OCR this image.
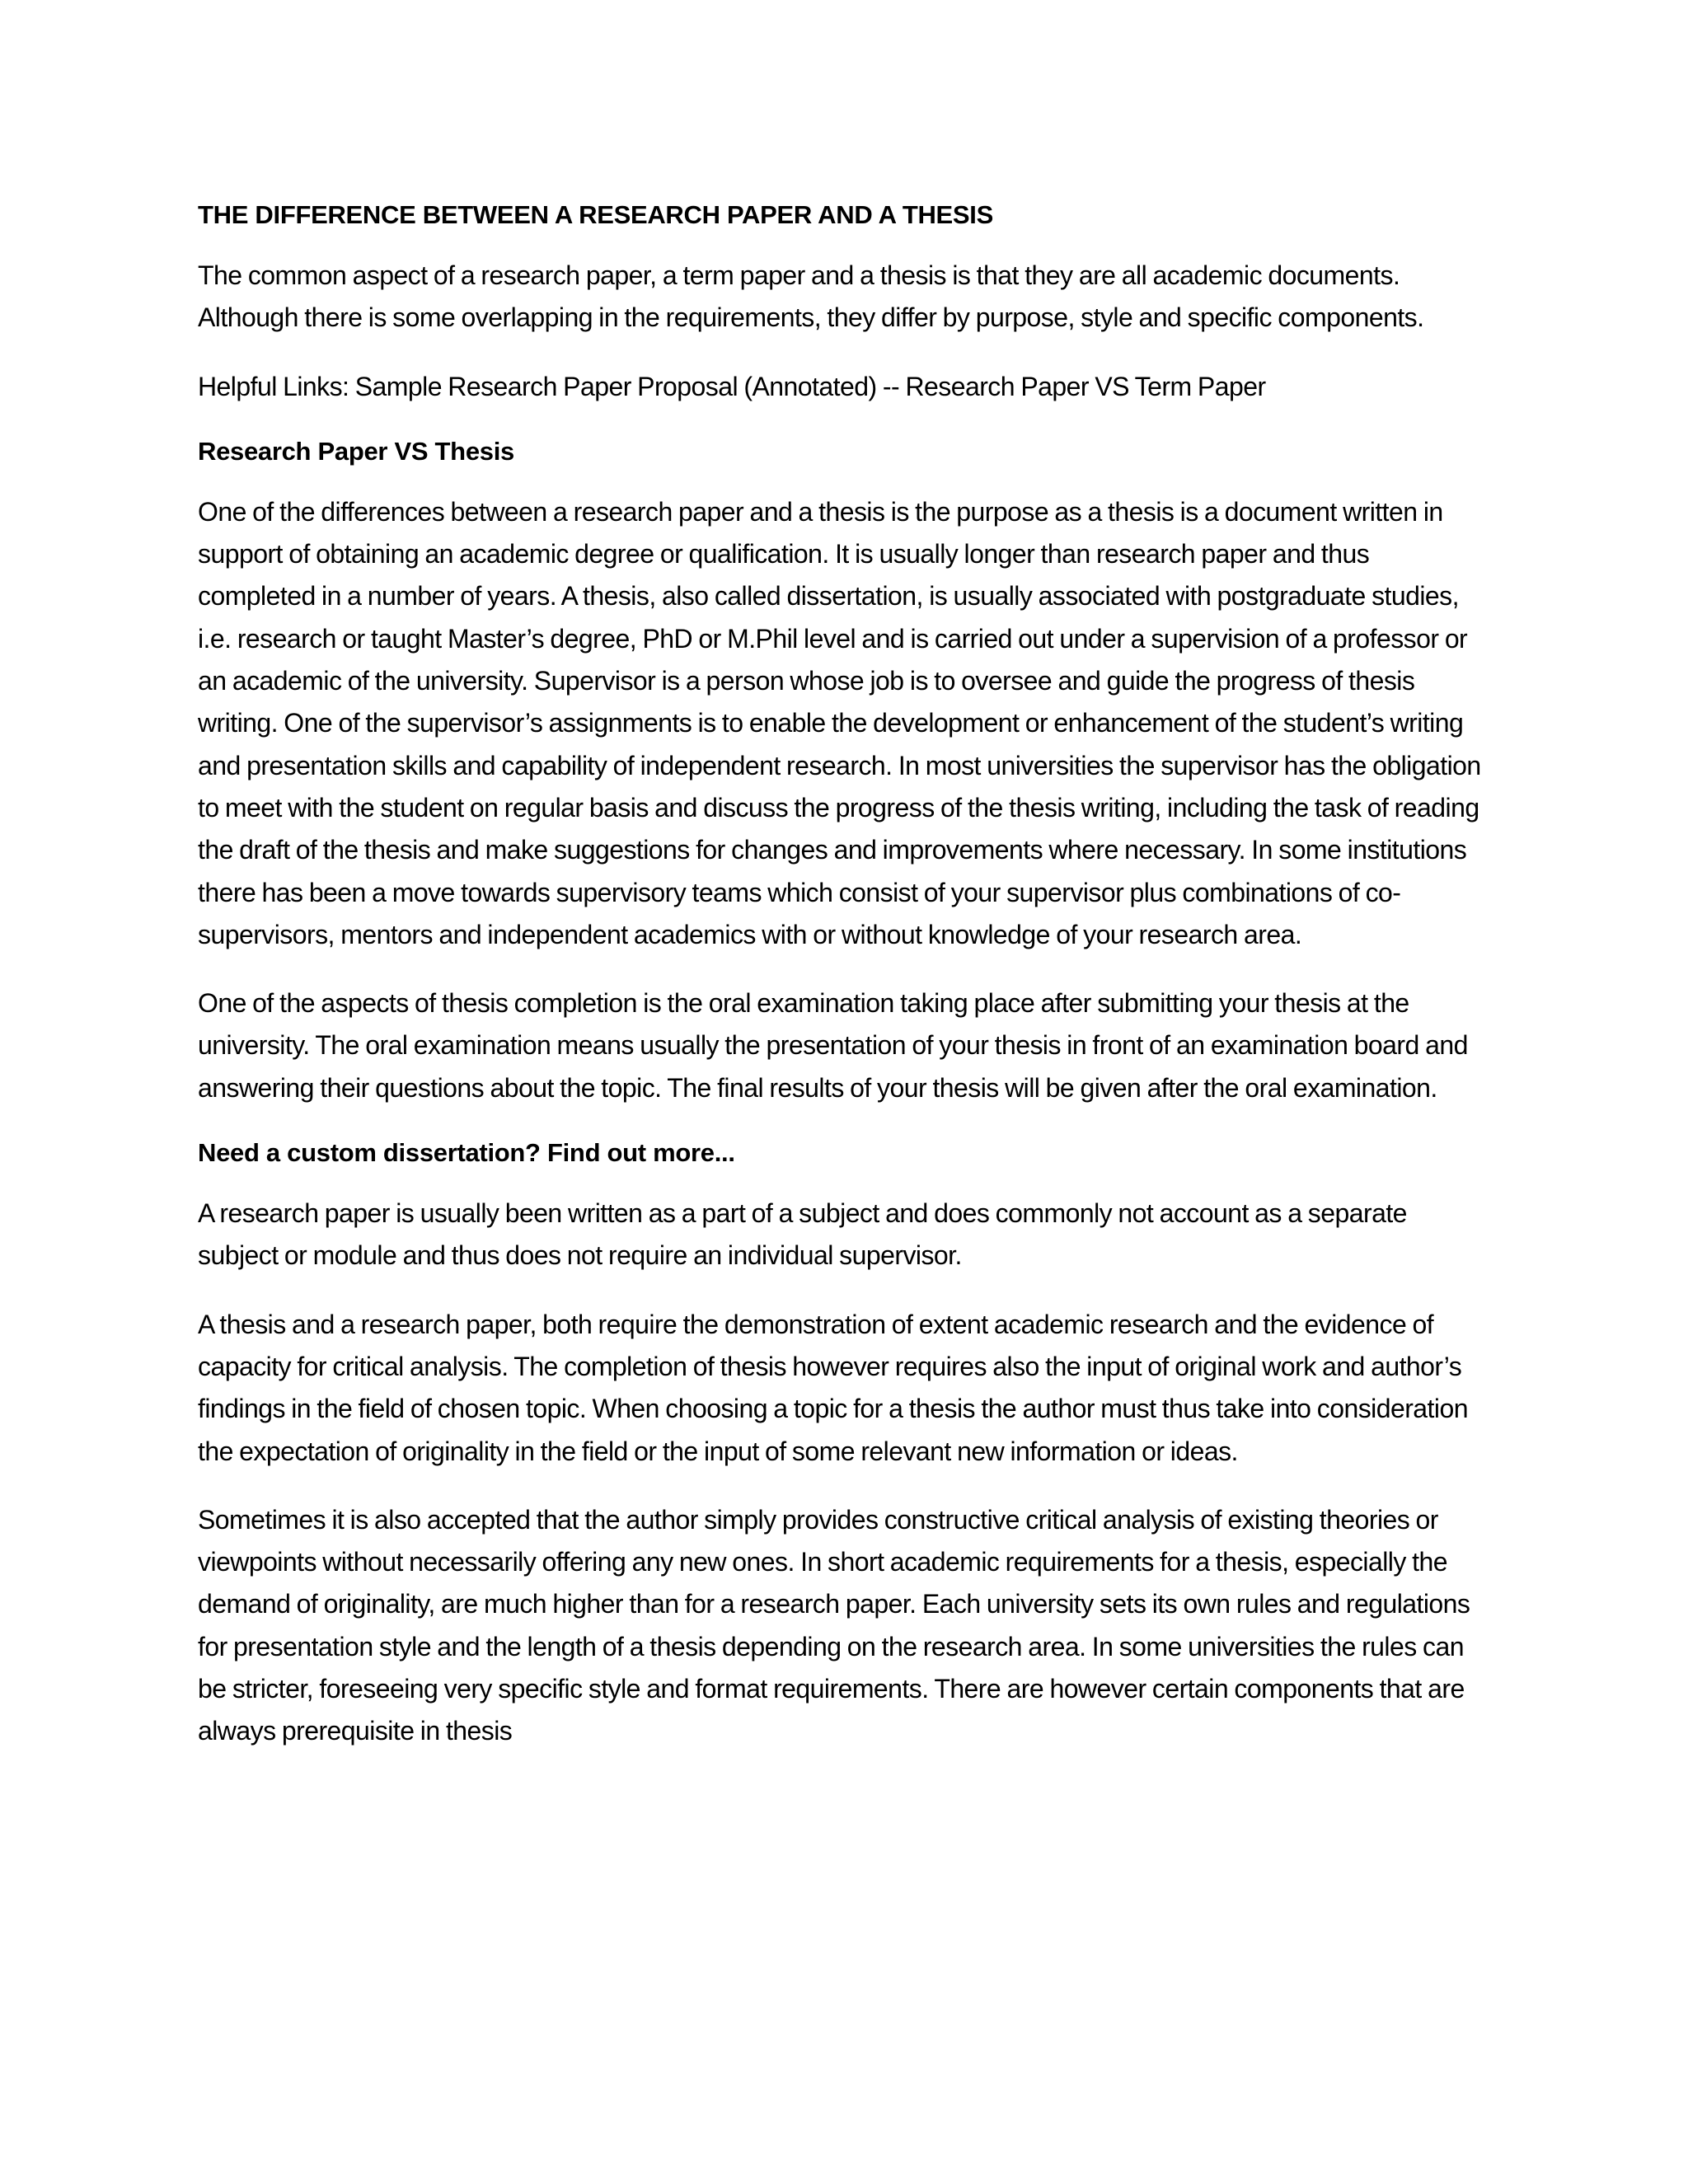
THE DIFFERENCE BETWEEN A RESEARCH PAPER AND A THESIS

The common aspect of a research paper, a term paper and a thesis is that they are all academic documents. Although there is some overlapping in the requirements, they differ by purpose, style and specific components.

Helpful Links: Sample Research Paper Proposal (Annotated) -- Research Paper VS Term Paper

Research Paper VS Thesis

One of the differences between a research paper and a thesis is the purpose as a thesis is a document written in support of obtaining an academic degree or qualification. It is usually longer than research paper and thus completed in a number of years. A thesis, also called dissertation, is usually associated with postgraduate studies, i.e. research or taught Master’s degree, PhD or M.Phil level and is carried out under a supervision of a professor or an academic of the university. Supervisor is a person whose job is to oversee and guide the progress of thesis writing. One of the supervisor’s assignments is to enable the development or enhancement of the student’s writing and presentation skills and capability of independent research. In most universities the supervisor has the obligation to meet with the student on regular basis and discuss the progress of the thesis writing, including the task of reading the draft of the thesis and make suggestions for changes and improvements where necessary. In some institutions there has been a move towards supervisory teams which consist of your supervisor plus combinations of co-supervisors, mentors and independent academics with or without knowledge of your research area.

One of the aspects of thesis completion is the oral examination taking place after submitting your thesis at the university. The oral examination means usually the presentation of your thesis in front of an examination board and answering their questions about the topic. The final results of your thesis will be given after the oral examination.

Need a custom dissertation? Find out more...

A research paper is usually been written as a part of a subject and does commonly not account as a separate subject or module and thus does not require an individual supervisor.

A thesis and a research paper, both require the demonstration of extent academic research and the evidence of capacity for critical analysis. The completion of thesis however requires also the input of original work and author’s findings in the field of chosen topic. When choosing a topic for a thesis the author must thus take into consideration the expectation of originality in the field or the input of some relevant new information or ideas.

Sometimes it is also accepted that the author simply provides constructive critical analysis of existing theories or viewpoints without necessarily offering any new ones. In short academic requirements for a thesis, especially the demand of originality, are much higher than for a research paper. Each university sets its own rules and regulations for presentation style and the length of a thesis depending on the research area. In some universities the rules can be stricter, foreseeing very specific style and format requirements. There are however certain components that are always prerequisite in thesis
